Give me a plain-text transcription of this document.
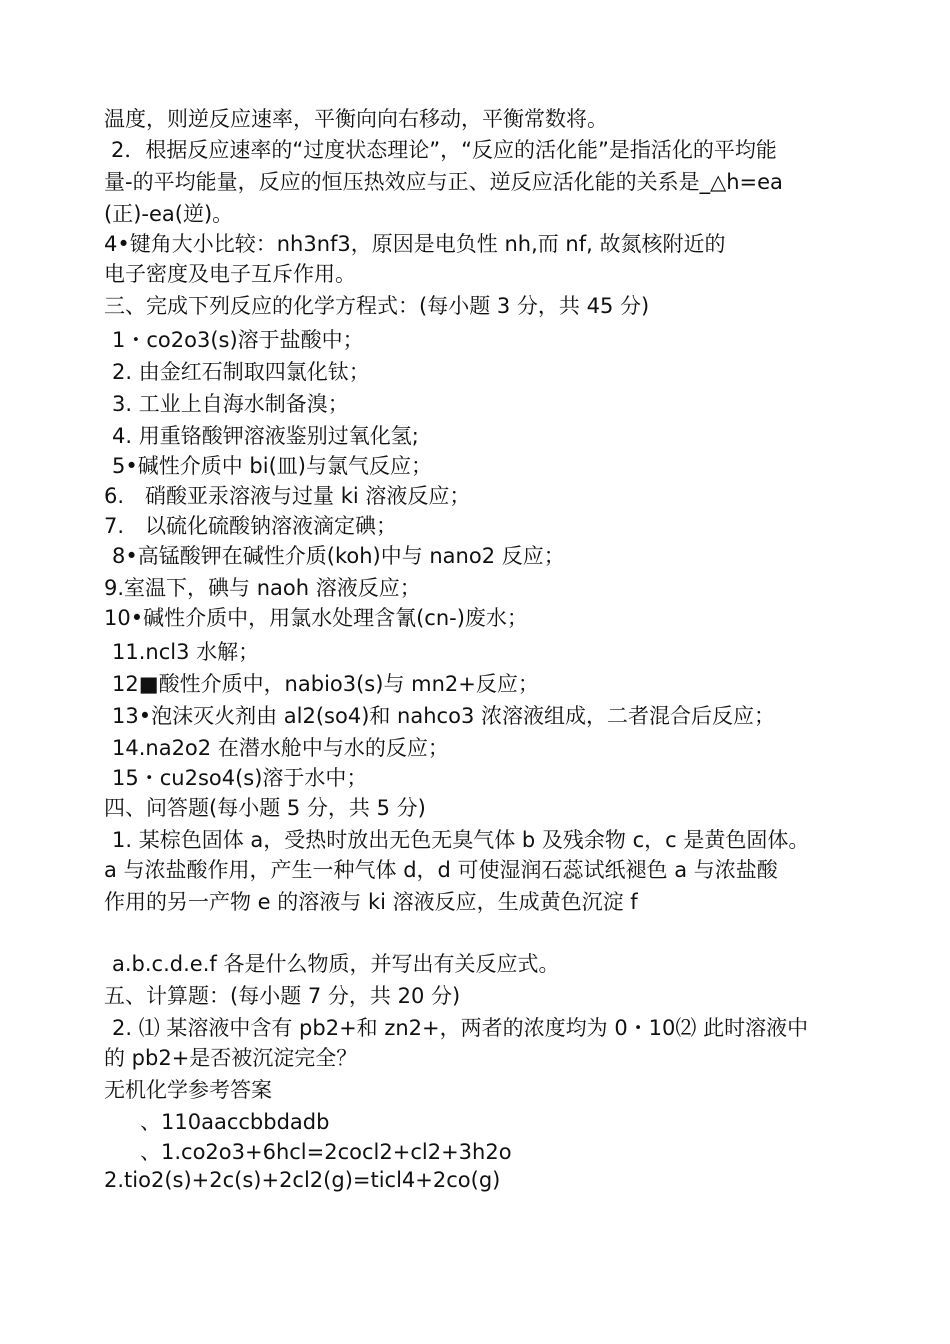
温度，则逆反应速率，平衡向向右移动，平衡常数将。
2．根据反应速率的“过度状态理论”，“反应的活化能”是指活化的平均能
量-的平均能量，反应的恒压热效应与正、逆反应活化能的关系是_△h=ea
(正)-ea(逆)。
4•键角大小比较：nh3nf3，原因是电负性 nh,而 nf, 故氮核附近的
电子密度及电子互斥作用。
三、完成下列反应的化学方程式：(每小题 3 分，共 45 分)
1・co2o3(s)溶于盐酸中；
2. 由金红石制取四氯化钛；
3. 工业上自海水制备溴；
4. 用重铬酸钾溶液鉴别过氧化氢;
5•碱性介质中 bi(皿)与氯气反应；
6.　硝酸亚汞溶液与过量 ki 溶液反应；
7.　以硫化硫酸钠溶液滴定碘；
8•高锰酸钾在碱性介质(koh)中与 nano2 反应；
9.室温下，碘与 naoh 溶液反应；
10•碱性介质中，用氯水处理含氰(cn-)废水；
11.ncl3 水解；
12■酸性介质中，nabio3(s)与 mn2+反应；
13•泡沫灭火剂由 al2(so4)和 nahco3 浓溶液组成，二者混合后反应；
14.na2o2 在潜水舱中与水的反应；
15・cu2so4(s)溶于水中；
四、问答题(每小题 5 分，共 5 分)
1. 某棕色固体 a，受热时放出无色无臭气体 b 及残余物 c，c 是黄色固体。
a 与浓盐酸作用，产生一种气体 d，d 可使湿润石蕊试纸褪色 a 与浓盐酸
作用的另一产物 e 的溶液与 ki 溶液反应，生成黄色沉淀 f
a.b.c.d.e.f 各是什么物质，并写出有关反应式。
五、计算题：(每小题 7 分，共 20 分)
2. ⑴ 某溶液中含有 pb2+和 zn2+，两者的浓度均为 0・10⑵ 此时溶液中
的 pb2+是否被沉淀完全？
无机化学参考答案
、110aaccbbdadb
、1.co2o3+6hcl=2cocl2+cl2+3h2o
2.tio2(s)+2c(s)+2cl2(g)=ticl4+2co(g)
